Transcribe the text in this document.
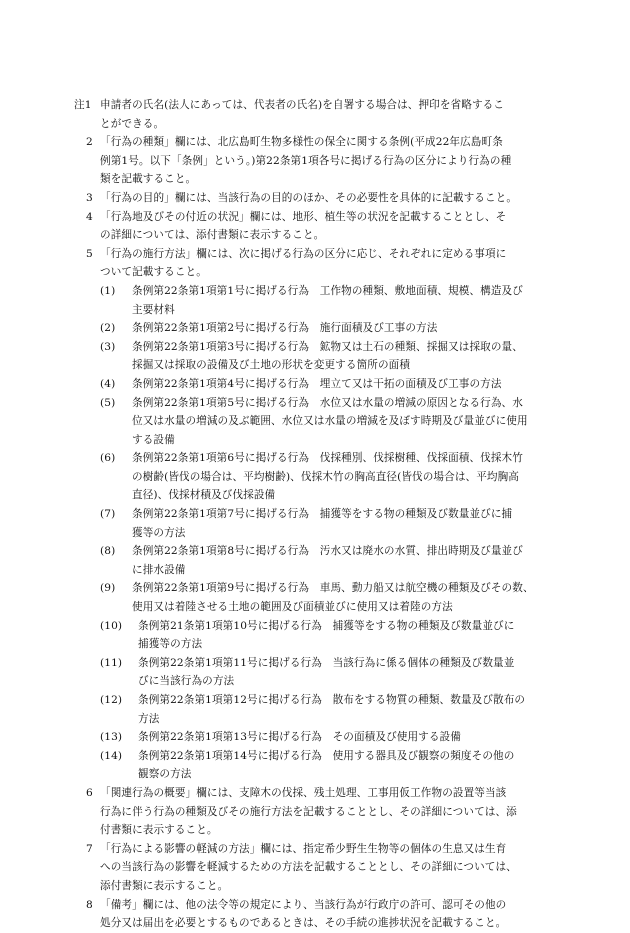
注1 申請者の氏名(法人にあっては、代表者の氏名)を自署する場合は、押印を省略するこ
とができる。
2 「行為の種類」欄には、北広島町生物多様性の保全に関する条例(平成22年広島町条
例第1号。以下「条例」という。)第22条第1項各号に掲げる行為の区分により行為の種
類を記載すること。
3 「行為の目的」欄には、当該行為の目的のほか、その必要性を具体的に記載すること。
4 「行為地及びその付近の状況」欄には、地形、植生等の状況を記載することとし、そ
の詳細については、添付書類に表示すること。
5 「行為の施行方法」欄には、次に掲げる行為の区分に応じ、それぞれに定める事項に
ついて記載すること。
(1)	条例第22条第1項第1号に掲げる行為　工作物の種類、敷地面積、規模、構造及び
主要材料
(2)	条例第22条第1項第2号に掲げる行為　施行面積及び工事の方法
(3)	条例第22条第1項第3号に掲げる行為　鉱物又は土石の種類、採掘又は採取の量、
採掘又は採取の設備及び土地の形状を変更する箇所の面積
(4)	条例第22条第1項第4号に掲げる行為　埋立て又は干拓の面積及び工事の方法
(5)	条例第22条第1項第5号に掲げる行為　水位又は水量の増減の原因となる行為、水
位又は水量の増減の及ぶ範囲、水位又は水量の増減を及ぼす時期及び量並びに使用
する設備
(6)	条例第22条第1項第6号に掲げる行為　伐採種別、伐採樹種、伐採面積、伐採木竹
の樹齢(皆伐の場合は、平均樹齢)、伐採木竹の胸高直径(皆伐の場合は、平均胸高
直径)、伐採材積及び伐採設備
(7)	条例第22条第1項第7号に掲げる行為　捕獲等をする物の種類及び数量並びに捕
獲等の方法
(8)	条例第22条第1項第8号に掲げる行為　汚水又は廃水の水質、排出時期及び量並び
に排水設備
(9)	条例第22条第1項第9号に掲げる行為　車馬、動力船又は航空機の種類及びその数、
使用又は着陸させる土地の範囲及び面積並びに使用又は着陸の方法
(10)	条例第21条第1項第10号に掲げる行為　捕獲等をする物の種類及び数量並びに
捕獲等の方法
(11)	条例第22条第1項第11号に掲げる行為　当該行為に係る個体の種類及び数量並
びに当該行為の方法
(12)	条例第22条第1項第12号に掲げる行為　散布をする物質の種類、数量及び散布の
方法
(13)	条例第22条第1項第13号に掲げる行為　その面積及び使用する設備
(14)	条例第22条第1項第14号に掲げる行為　使用する器具及び観察の頻度その他の
観察の方法
6 「関連行為の概要」欄には、支障木の伐採、残土処理、工事用仮工作物の設置等当該
行為に伴う行為の種類及びその施行方法を記載することとし、その詳細については、添
付書類に表示すること。
7 「行為による影響の軽減の方法」欄には、指定希少野生生物等の個体の生息又は生育
への当該行為の影響を軽減するための方法を記載することとし、その詳細については、
添付書類に表示すること。
8 「備考」欄には、他の法令等の規定により、当該行為が行政庁の許可、認可その他の
処分又は届出を必要とするものであるときは、その手続の進捗状況を記載すること。
